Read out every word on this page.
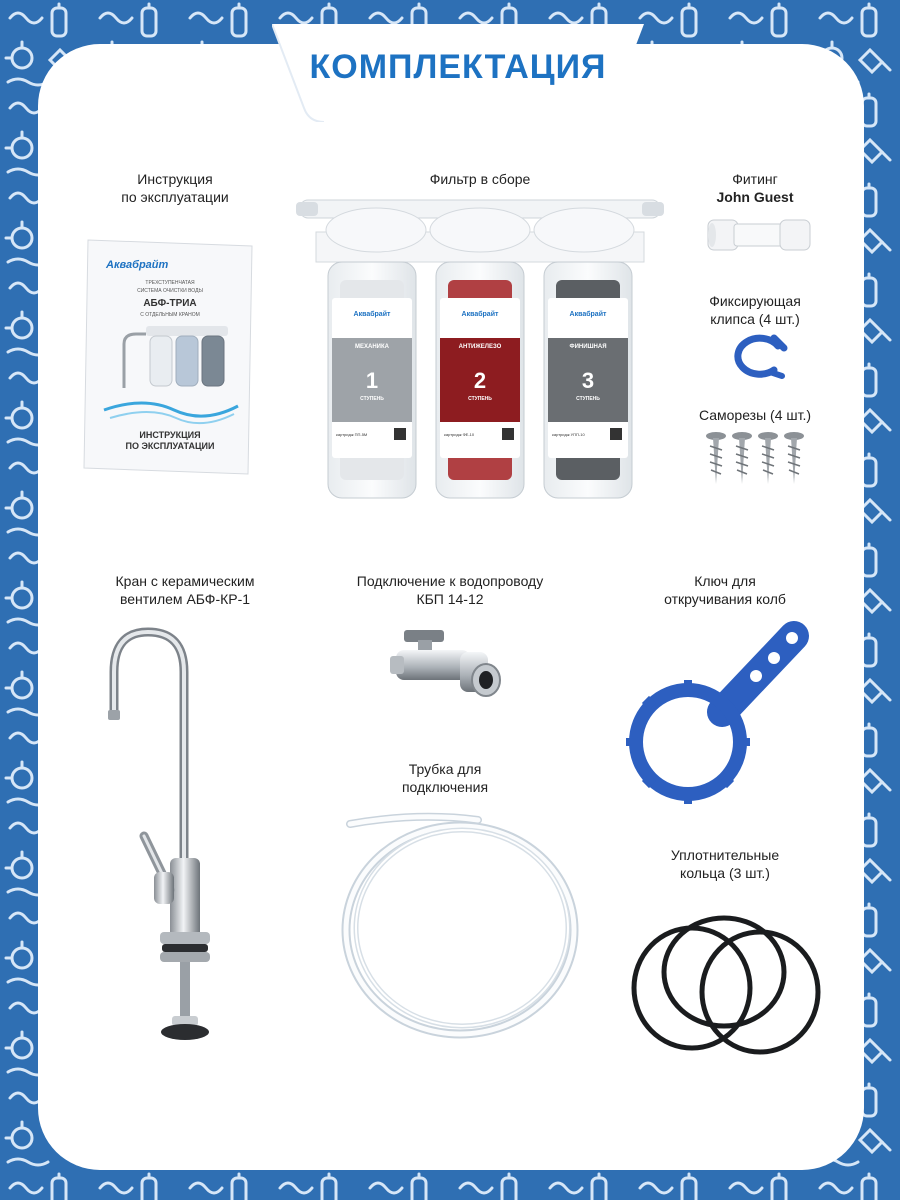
КОМПЛЕКТАЦИЯ
Инструкция
по эксплуатации
Фильтр в сборе	Фитинг
John Guest
Фиксирующая
клипса (4 шт.)
Саморезы (4 шт.)
Кран с керамическим
вентилем АБФ-КР-1
Подключение к водопроводу
КБП 14-12
Ключ для
откручивания колб
Трубка для
подключения
Уплотнительные
кольца (3 шт.)
Аквабрайт
ТРЕХСТУПЕНЧАТАЯ
СИСТЕМА ОЧИСТКИ ВОДЫ
АБФ-ТРИА
С ОТДЕЛЬНЫМ КРАНОМ
ИНСТРУКЦИЯ
ПО ЭКСПЛУАТАЦИИ
Аквабрайт
МЕХАНИКА
1
СТУПЕНЬ
картридж ПП-5М
Аквабрайт
АНТИЖЕЛЕЗО
2
СТУПЕНЬ
картридж ФЕ-10
Аквабрайт
ФИНИШНАЯ
3
СТУПЕНЬ
картридж УПП-10
